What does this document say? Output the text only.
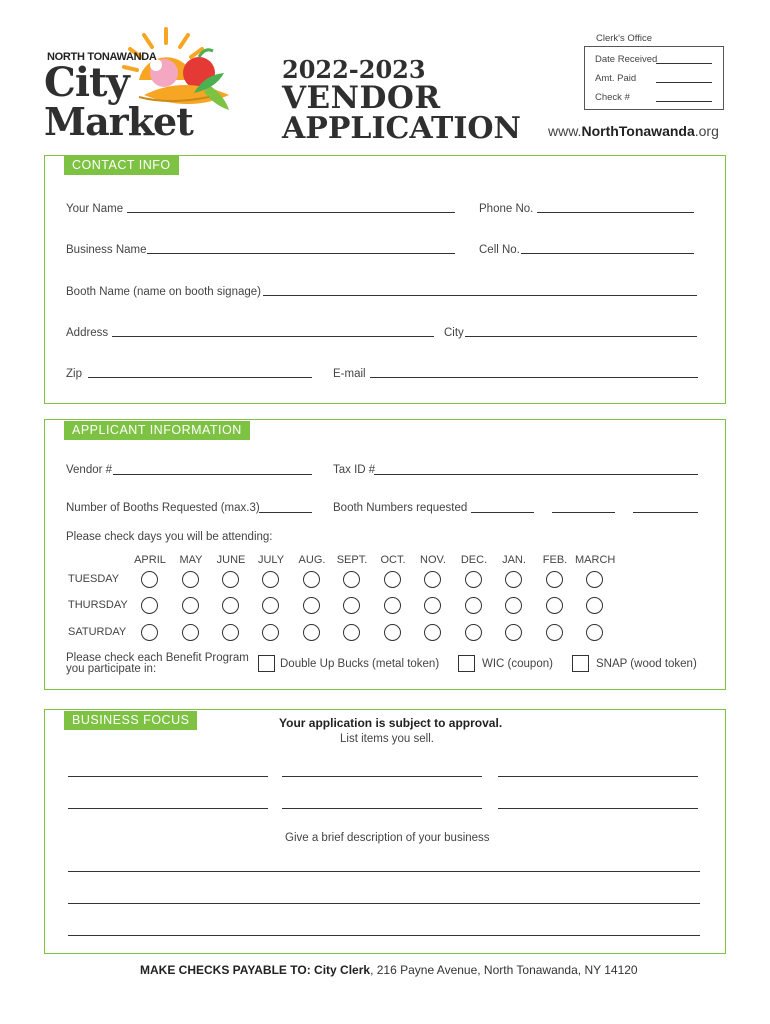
Clerk's Office
Date Received
Amt. Paid
Check #
NORTH TONAWANDA
City
Market
2022-2023
VENDOR
APPLICATION www.NorthTonawanda.org
CONTACT INFO
Your Name	Phone No.
Business Name	Cell No.
Booth Name (name on booth signage)
Address	City
Zip	E-mail
APPLICANT INFORMATION
Vendor #	Tax ID #
Number of Booths Requested (max.3)	Booth Numbers requested
Please check days you will be attending:
APRIL	MAY	JUNE	JULY	AUG.	SEPT.	OCT.	NOV.	DEC.	JAN.	FEB. MARCH
TUESDAY
THURSDAY
SATURDAY
Please check each Benefit Program
you participate in:	Double Up Bucks (metal token)	WIC (coupon)	SNAP (wood token)
BUSINESS FOCUS	Your application is subject to approval.
List items you sell.
Give a brief description of your business
MAKE CHECKS PAYABLE TO: City Clerk, 216 Payne Avenue, North Tonawanda, NY 14120
